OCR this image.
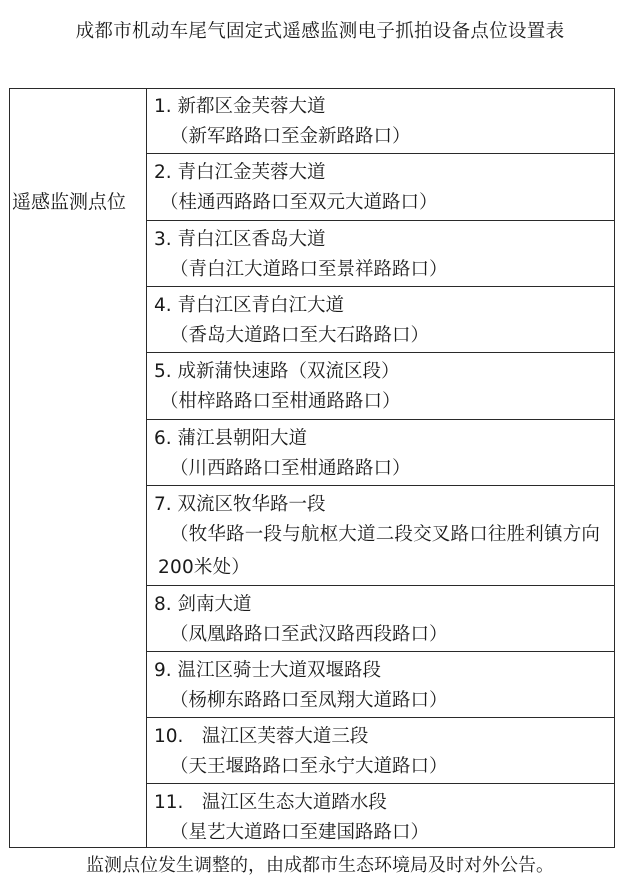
成都市机动车尾气固定式遥感监测电子抓拍设备点位设置表
遥感监测点位
1. 新都区金芙蓉大道
（新军路路口至金新路路口）
2. 青白江金芙蓉大道
（桂通西路路口至双元大道路口）
3. 青白江区香岛大道
（青白江大道路口至景祥路路口）
4. 青白江区青白江大道
（香岛大道路口至大石路路口）
5. 成新蒲快速路（双流区段）
（柑梓路路口至柑通路路口）
6. 蒲江县朝阳大道
（川西路路口至柑通路路口）
7. 双流区牧华路一段
（牧华路一段与航枢大道二段交叉路口往胜利镇方向200米处）
8. 剑南大道
（凤凰路路口至武汉路西段路口）
9. 温江区骑士大道双堰路段
（杨柳东路路口至凤翔大道路口）
10.　温江区芙蓉大道三段
（天王堰路路口至永宁大道路口）
11.　温江区生态大道踏水段
（星艺大道路口至建国路路口）
监测点位发生调整的，由成都市生态环境局及时对外公告。
